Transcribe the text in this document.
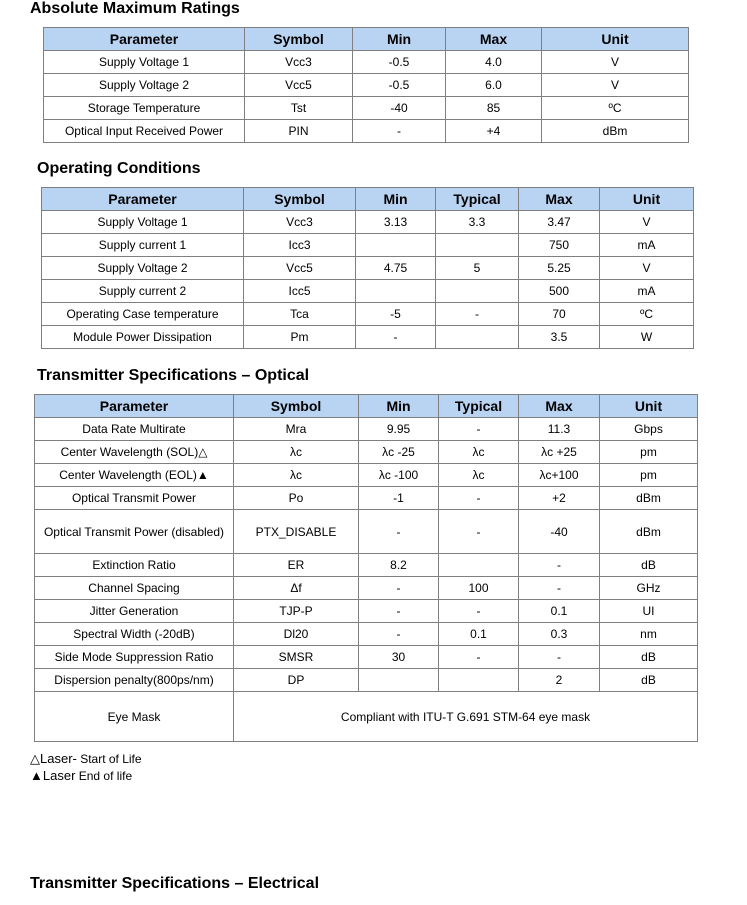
Absolute Maximum Ratings
Parameter	Symbol	Min	Max	Unit
Supply Voltage 1	Vcc3	-0.5	4.0	V
Supply Voltage 2	Vcc5	-0.5	6.0	V
Storage Temperature	Tst	-40	85	ºC
Optical Input Received Power	PIN	-	+4	dBm
Operating Conditions
Parameter	Symbol	Min	Typical	Max	Unit
Supply Voltage 1	Vcc3	3.13	3.3	3.47	V
Supply current 1	Icc3			750	mA
Supply Voltage 2	Vcc5	4.75	5	5.25	V
Supply current 2	Icc5			500	mA
Operating Case temperature	Tca	-5	-	70	ºC
Module Power Dissipation	Pm	-		3.5	W
Transmitter Specifications – Optical
Parameter	Symbol	Min	Typical	Max	Unit
Data Rate Multirate	Mra	9.95	-	11.3	Gbps
Center Wavelength (SOL)△	λc	λc -25	λc	λc +25	pm
Center Wavelength (EOL)▲	λc	λc -100	λc	λc+100	pm
Optical Transmit Power	Po	-1	-	+2	dBm
Optical Transmit Power (disabled)	PTX_DISABLE	-	-	-40	dBm
Extinction Ratio	ER	8.2		-	dB
Channel Spacing	Δf	-	100	-	GHz
Jitter Generation	TJP-P	-	-	0.1	UI
Spectral Width (-20dB)	Dl20	-	0.1	0.3	nm
Side Mode Suppression Ratio	SMSR	30	-	-	dB
Dispersion penalty(800ps/nm)	DP			2	dB
Eye Mask	Compliant with ITU-T G.691 STM-64 eye mask				
△Laser- Start of Life
▲Laser End of life
Transmitter Specifications – Electrical
